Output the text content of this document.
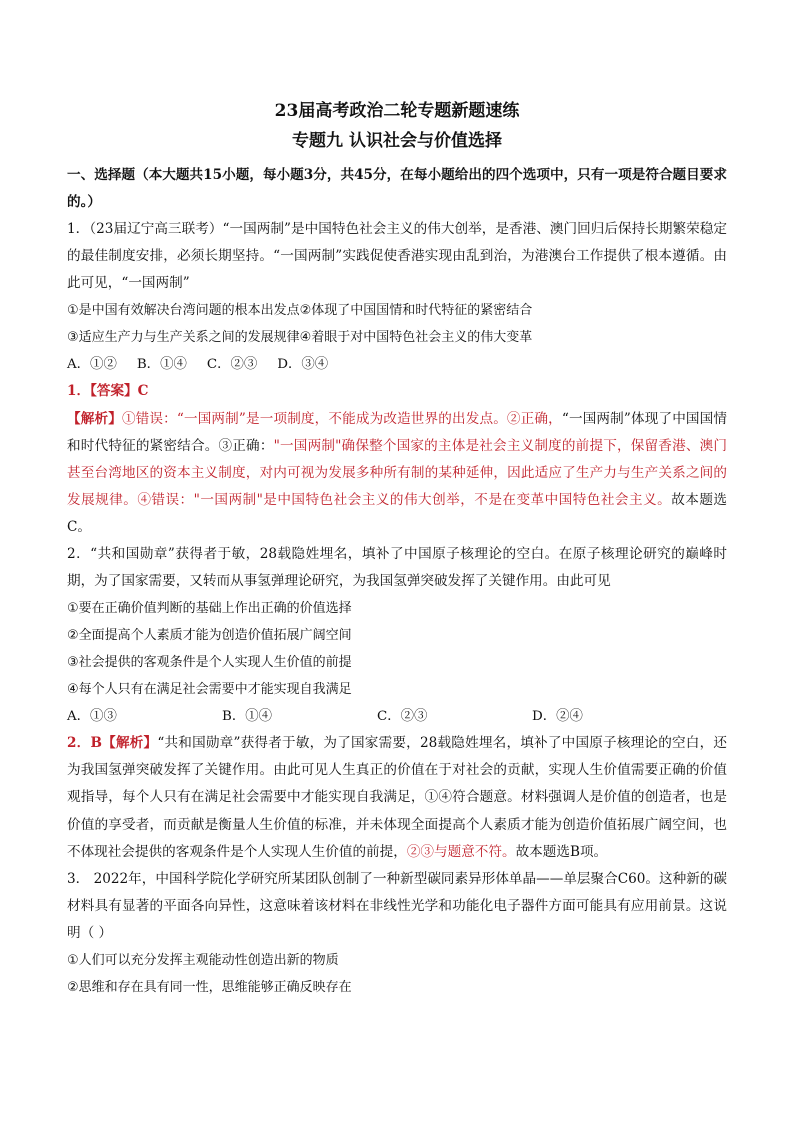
23届高考政治二轮专题新题速练
专题九 认识社会与价值选择

一、选择题（本大题共15小题，每小题3分，共45分，在每小题给出的四个选项中，只有一项是符合题目要求的。）

1．（23届辽宁高三联考）“一国两制”是中国特色社会主义的伟大创举，是香港、澳门回归后保持长期繁荣稳定的最佳制度安排，必须长期坚持。“一国两制”实践促使香港实现由乱到治，为港澳台工作提供了根本遵循。由此可见，“一国两制”

①是中国有效解决台湾问题的根本出发点②体现了中国国情和时代特征的紧密结合

③适应生产力与生产关系之间的发展规律④着眼于对中国特色社会主义的伟大变革

A．①② B．①④ C．②③ D．③④

1．【答案】C

【解析】①错误：“一国两制”是一项制度，不能成为改造世界的出发点。②正确，“一国两制”体现了中国国情和时代特征的紧密结合。③正确："一国两制"确保整个国家的主体是社会主义制度的前提下，保留香港、澳门甚至台湾地区的资本主义制度，对内可视为发展多种所有制的某种延伸，因此适应了生产力与生产关系之间的发展规律。④错误："一国两制"是中国特色社会主义的伟大创举，不是在变革中国特色社会主义。故本题选C。

2．“共和国勋章”获得者于敏，28载隐姓埋名，填补了中国原子核理论的空白。在原子核理论研究的巅峰时期，为了国家需要，又转而从事氢弹理论研究，为我国氢弹突破发挥了关键作用。由此可见

①要在正确价值判断的基础上作出正确的价值选择

②全面提高个人素质才能为创造价值拓展广阔空间

③社会提供的客观条件是个人实现人生价值的前提

④每个人只有在满足社会需要中才能实现自我满足

A．①③	B．①④	C．②③	D．②④

2．B【解析】“共和国勋章”获得者于敏，为了国家需要，28载隐姓埋名，填补了中国原子核理论的空白，还为我国氢弹突破发挥了关键作用。由此可见人生真正的价值在于对社会的贡献，实现人生价值需要正确的价值观指导，每个人只有在满足社会需要中才能实现自我满足，①④符合题意。材料强调人是价值的创造者，也是价值的享受者，而贡献是衡量人生价值的标准，并未体现全面提高个人素质才能为创造价值拓展广阔空间，也不体现社会提供的客观条件是个人实现人生价值的前提，②③与题意不符。故本题选B项。

3． 2022年，中国科学院化学研究所某团队创制了一种新型碳同素异形体单晶——单层聚合C60。这种新的碳材料具有显著的平面各向异性，这意味着该材料在非线性光学和功能化电子器件方面可能具有应用前景。这说明（ ）

①人们可以充分发挥主观能动性创造出新的物质

②思维和存在具有同一性，思维能够正确反映存在
